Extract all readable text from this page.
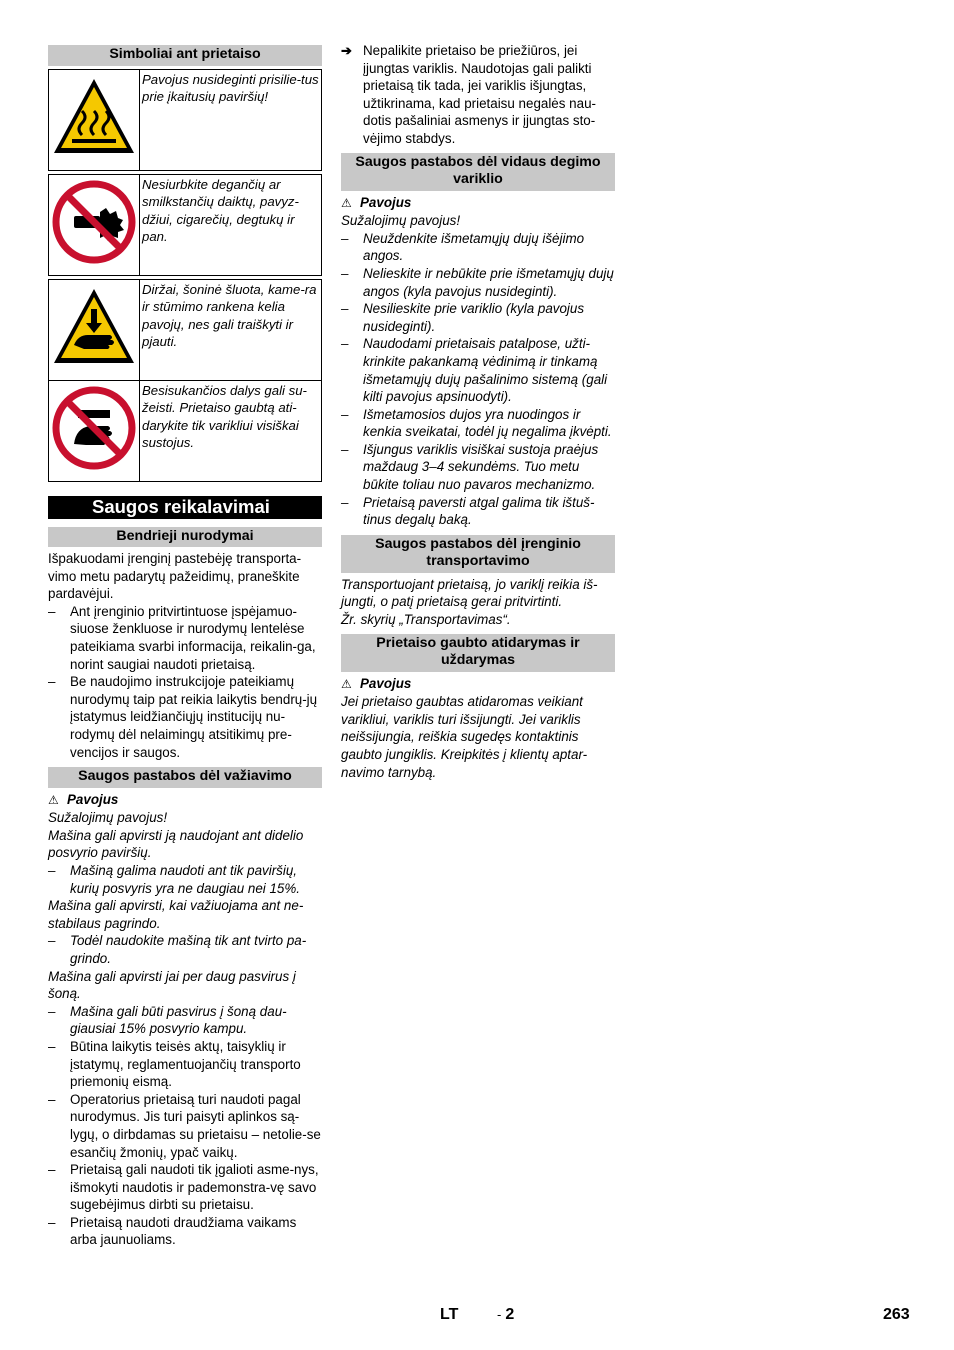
Simboliai ant prietaiso
	Pavojus nusideginti prisilie-tus prie įkaitusių paviršių!

	Nesiurbkite degančių ar smilkstančių daiktų, pavyz-džiui, cigarečių, degtukų ir pan.

	Diržai, šoninė šluota, kame-ra ir stūmimo rankena kelia pavojų, nes gali traiškyti ir pjauti.
	Besisukančios dalys gali su-žeisti. Prietaiso gaubtą ati-darykite tik varikliui visiškai sustojus.
Saugos reikalavimai
Bendrieji nurodymai

Išpakuodami įrenginį pastebėję transporta-vimo metu padarytų pažeidimų, praneškite pardavėjui.

– Ant įrenginio pritvirtintuose įspėjamuo-siuose ženkluose ir nurodymų lentelėse pateikiama svarbi informacija, reikalin-ga, norint saugiai naudoti prietaisą.
– Be naudojimo instrukcijoje pateikiamų nurodymų taip pat reikia laikytis bendrų-jų įstatymus leidžiančiųjų institucijų nu-rodymų dėl nelaimingų atsitikimų pre-vencijos ir saugos.
Saugos pastabos dėl važiavimo
⚠ Pavojus

Sužalojimų pavojus!

Mašina gali apvirsti ją naudojant ant didelio posvyrio paviršių.

– Mašiną galima naudoti ant tik paviršių, kurių posvyris yra ne daugiau nei 15%.

Mašina gali apvirsti, kai važiuojama ant ne-stabilaus pagrindo.

– Todėl naudokite mašiną tik ant tvirto pa-grindo.

Mašina gali apvirsti jai per daug pasvirus į šoną.

– Mašina gali būti pasvirus į šoną dau-giausiai 15% posvyrio kampu.
– Būtina laikytis teisės aktų, taisyklių ir įstatymų, reglamentuojančių transporto priemonių eismą.
– Operatorius prietaisą turi naudoti pagal nurodymus. Jis turi paisyti aplinkos są-lygų, o dirbdamas su prietaisu – netolie-se esančių žmonių, ypač vaikų.
– Prietaisą gali naudoti tik įgalioti asme-nys, išmokyti naudotis ir pademonstra-vę savo sugebėjimus dirbti su prietaisu.
– Prietaisą naudoti draudžiama vaikams arba jaunuoliams.
➔ Nepalikite prietaiso be priežiūros, jei įjungtas variklis. Naudotojas gali palikti prietaisą tik tada, jei variklis išjungtas, užtikrinama, kad prietaisu negalės nau-dotis pašaliniai asmenys ir įjungtas sto-vėjimo stabdys.
Saugos pastabos dėl vidaus degimo variklio
⚠ Pavojus

Sužalojimų pavojus!

– Neuždenkite išmetamųjų dujų išėjimo angos.
– Nelieskite ir nebūkite prie išmetamųjų dujų angos (kyla pavojus nusideginti).
– Nesilieskite prie variklio (kyla pavojus nusideginti).
– Naudodami prietaisais patalpose, užti-krinkite pakankamą vėdinimą ir tinkamą išmetamųjų dujų pašalinimo sistemą (gali kilti pavojus apsinuodyti).
– Išmetamosios dujos yra nuodingos ir kenkia sveikatai, todėl jų negalima įkvėpti.
– Išjungus variklis visiškai sustoja praėjus maždaug 3–4 sekundėms. Tuo metu būkite toliau nuo pavaros mechanizmo.
– Prietaisą paversti atgal galima tik ištuš-tinus degalų baką.
Saugos pastabos dėl įrenginio transportavimo

Transportuojant prietaisą, jo variklį reikia iš-jungti, o patį prietaisą gerai pritvirtinti.

Žr. skyrių „Transportavimas“.

Prietaiso gaubto atidarymas ir uždarymas
⚠ Pavojus

Jei prietaiso gaubtas atidaromas veikiant varikliui, variklis turi išsijungti. Jei variklis neišsijungia, reiškia sugedęs kontaktinis gaubto jungiklis. Kreipkitės į klientų aptar-navimo tarnybą.

LT	- 2	263
